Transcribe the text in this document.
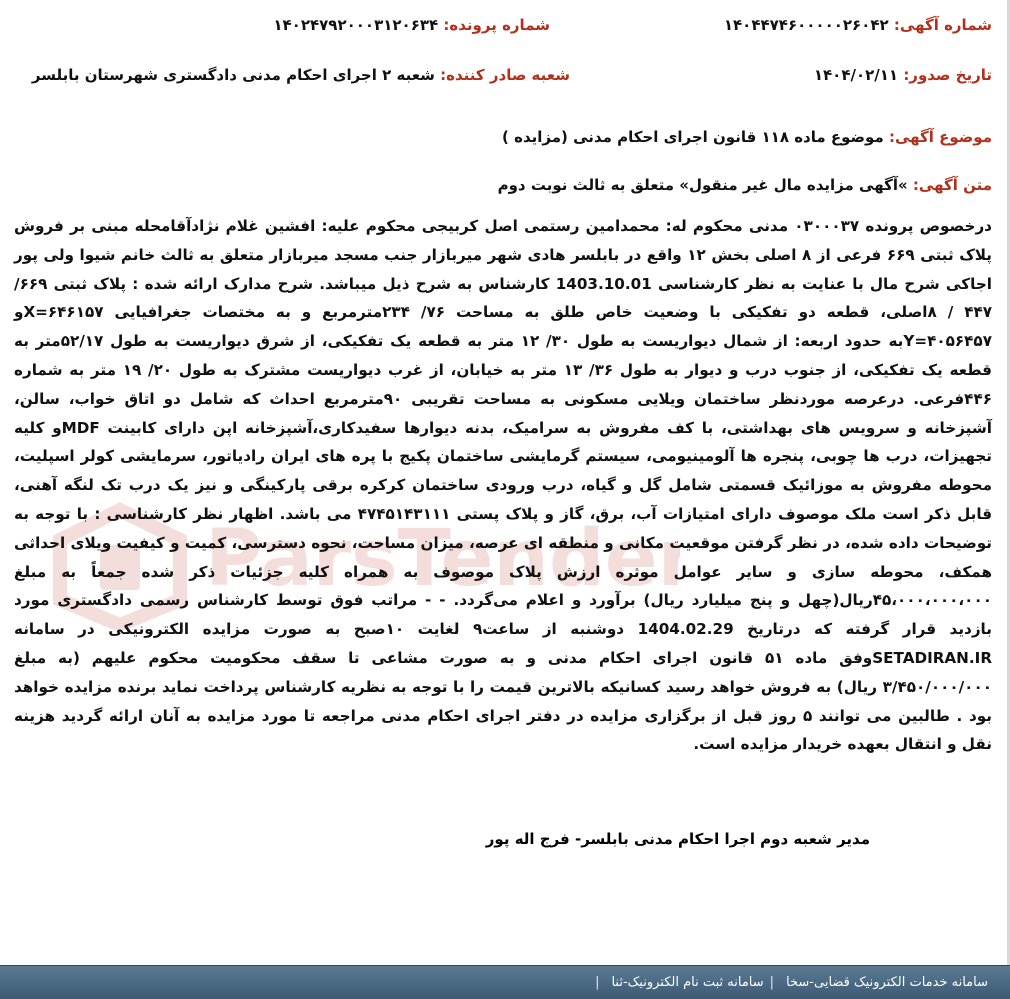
شماره آگهی: ۱۴۰۴۴۷۴۶۰۰۰۰۰۲۶۰۴۲
شماره پرونده: ۱۴۰۲۴۷۹۲۰۰۰۳۱۲۰۶۳۴
تاریخ صدور: ۱۴۰۴/۰۲/۱۱
شعبه صادر کننده: شعبه ۲ اجرای احکام مدنی دادگستری شهرستان بابلسر
موضوع آگهی: موضوع ماده ۱۱۸ قانون اجرای احکام مدنی (مزایده )
متن آگهی: »آگهی مزایده مال غیر منقول» متعلق به ثالث نوبت دوم
ParsTender
درخصوص پرونده ۰۳۰۰۰۳۷ مدنی محکوم له: محمدامین رستمی اصل کربیجی محکوم علیه: افشین غلام نژادآقامحله مبنی بر فروش پلاک ثبتی ۶۶۹ فرعی از ۸ اصلی بخش ۱۲ واقع در بابلسر هادی شهر میربازار جنب مسجد میربازار متعلق به ثالث خانم شیوا ولی پور اجاکی شرح مال با عنایت به نظر کارشناسی 1403.10.01 کارشناس به شرح ذیل میباشد. شرح مدارک ارائه شده : پلاک ثبتی ۶۶۹/ ۴۴۷ / ۸اصلی، قطعه دو تفکیکی با وضعیت خاص طلق به مساحت ۷۶/ ۲۳۴مترمربع و به مختصات جغرافیایی X=۶۴۶۱۵۷و Y=۴۰۵۶۴۵۷به حدود اربعه: از شمال دیواریست به طول ۳۰/ ۱۲ متر به قطعه یک تفکیکی، از شرق دیواریست به طول ۵۲/۱۷متر به قطعه یک تفکیکی، از جنوب درب و دیوار به طول ۳۶/ ۱۳ متر به خیابان، از غرب دیواریست مشترک به طول ۲۰/ ۱۹ متر به شماره ۴۴۶فرعی. درعرصه موردنظر ساختمان ویلایی مسکونی به مساحت تقریبی ۹۰مترمربع احداث که شامل دو اتاق خواب، سالن، آشپزخانه و سرویس های بهداشتی، با کف مفروش به سرامیک، بدنه دیوارها سفیدکاری،آشپزخانه اپن دارای کابینت MDFو کلیه تجهیزات، درب ها چوبی، پنجره ها آلومینیومی، سیستم گرمایشی ساختمان پکیج با پره های ایران رادیاتور، سرمایشی کولر اسپلیت، محوطه مفروش به موزائیک قسمتی شامل گل و گیاه، درب ورودی ساختمان کرکره برقی پارکینگی و نیز یک درب تک لنگه آهنی، قابل ذکر است ملک موصوف دارای امتیازات آب، برق، گاز و پلاک پستی ۴۷۴۵۱۴۳۱۱۱ می باشد. اظهار نظر کارشناسی : با توجه به توضیحات داده شده، در نظر گرفتن موقعیت مکانی و منطقه ای عرصه، میزان مساحت، نحوه دسترسی، کمیت و کیفیت ویلای احداثی همکف، محوطه سازی و سایر عوامل موثره ارزش پلاک موصوف به همراه کلیه جزئیات ذکر شده جمعاً به مبلغ ۴۵،۰۰۰،۰۰۰،۰۰۰ریال(چهل و پنج میلیارد ریال) برآورد و اعلام می‌گردد. - - مراتب فوق توسط کارشناس رسمی دادگستری مورد بازدید قرار گرفته که درتاریخ 1404.02.29 دوشنبه از ساعت۹ لغایت ۱۰صبح به صورت مزایده الکترونیکی در سامانه SETADIRAN.IRوفق ماده ۵۱ قانون اجرای احکام مدنی و به صورت مشاعی تا سقف محکومیت محکوم علیهم (به مبلغ ۳/۴۵۰/۰۰۰/۰۰۰ ریال) به فروش خواهد رسید کسانیکه بالاترین قیمت را با توجه به نظریه کارشناس پرداخت نماید برنده مزایده خواهد بود . طالبین می توانند ۵ روز قبل از برگزاری مزایده در دفتر اجرای احکام مدنی مراجعه تا مورد مزایده به آنان ارائه گردید هزینه نقل و انتقال بعهده خریدار مزایده است.
مدیر شعبه دوم اجرا احکام مدنی بابلسر- فرج اله پور
سامانه خدمات الکترونیک قضایی-سخا
|
سامانه ثبت نام الکترونیک-ثنا
|
